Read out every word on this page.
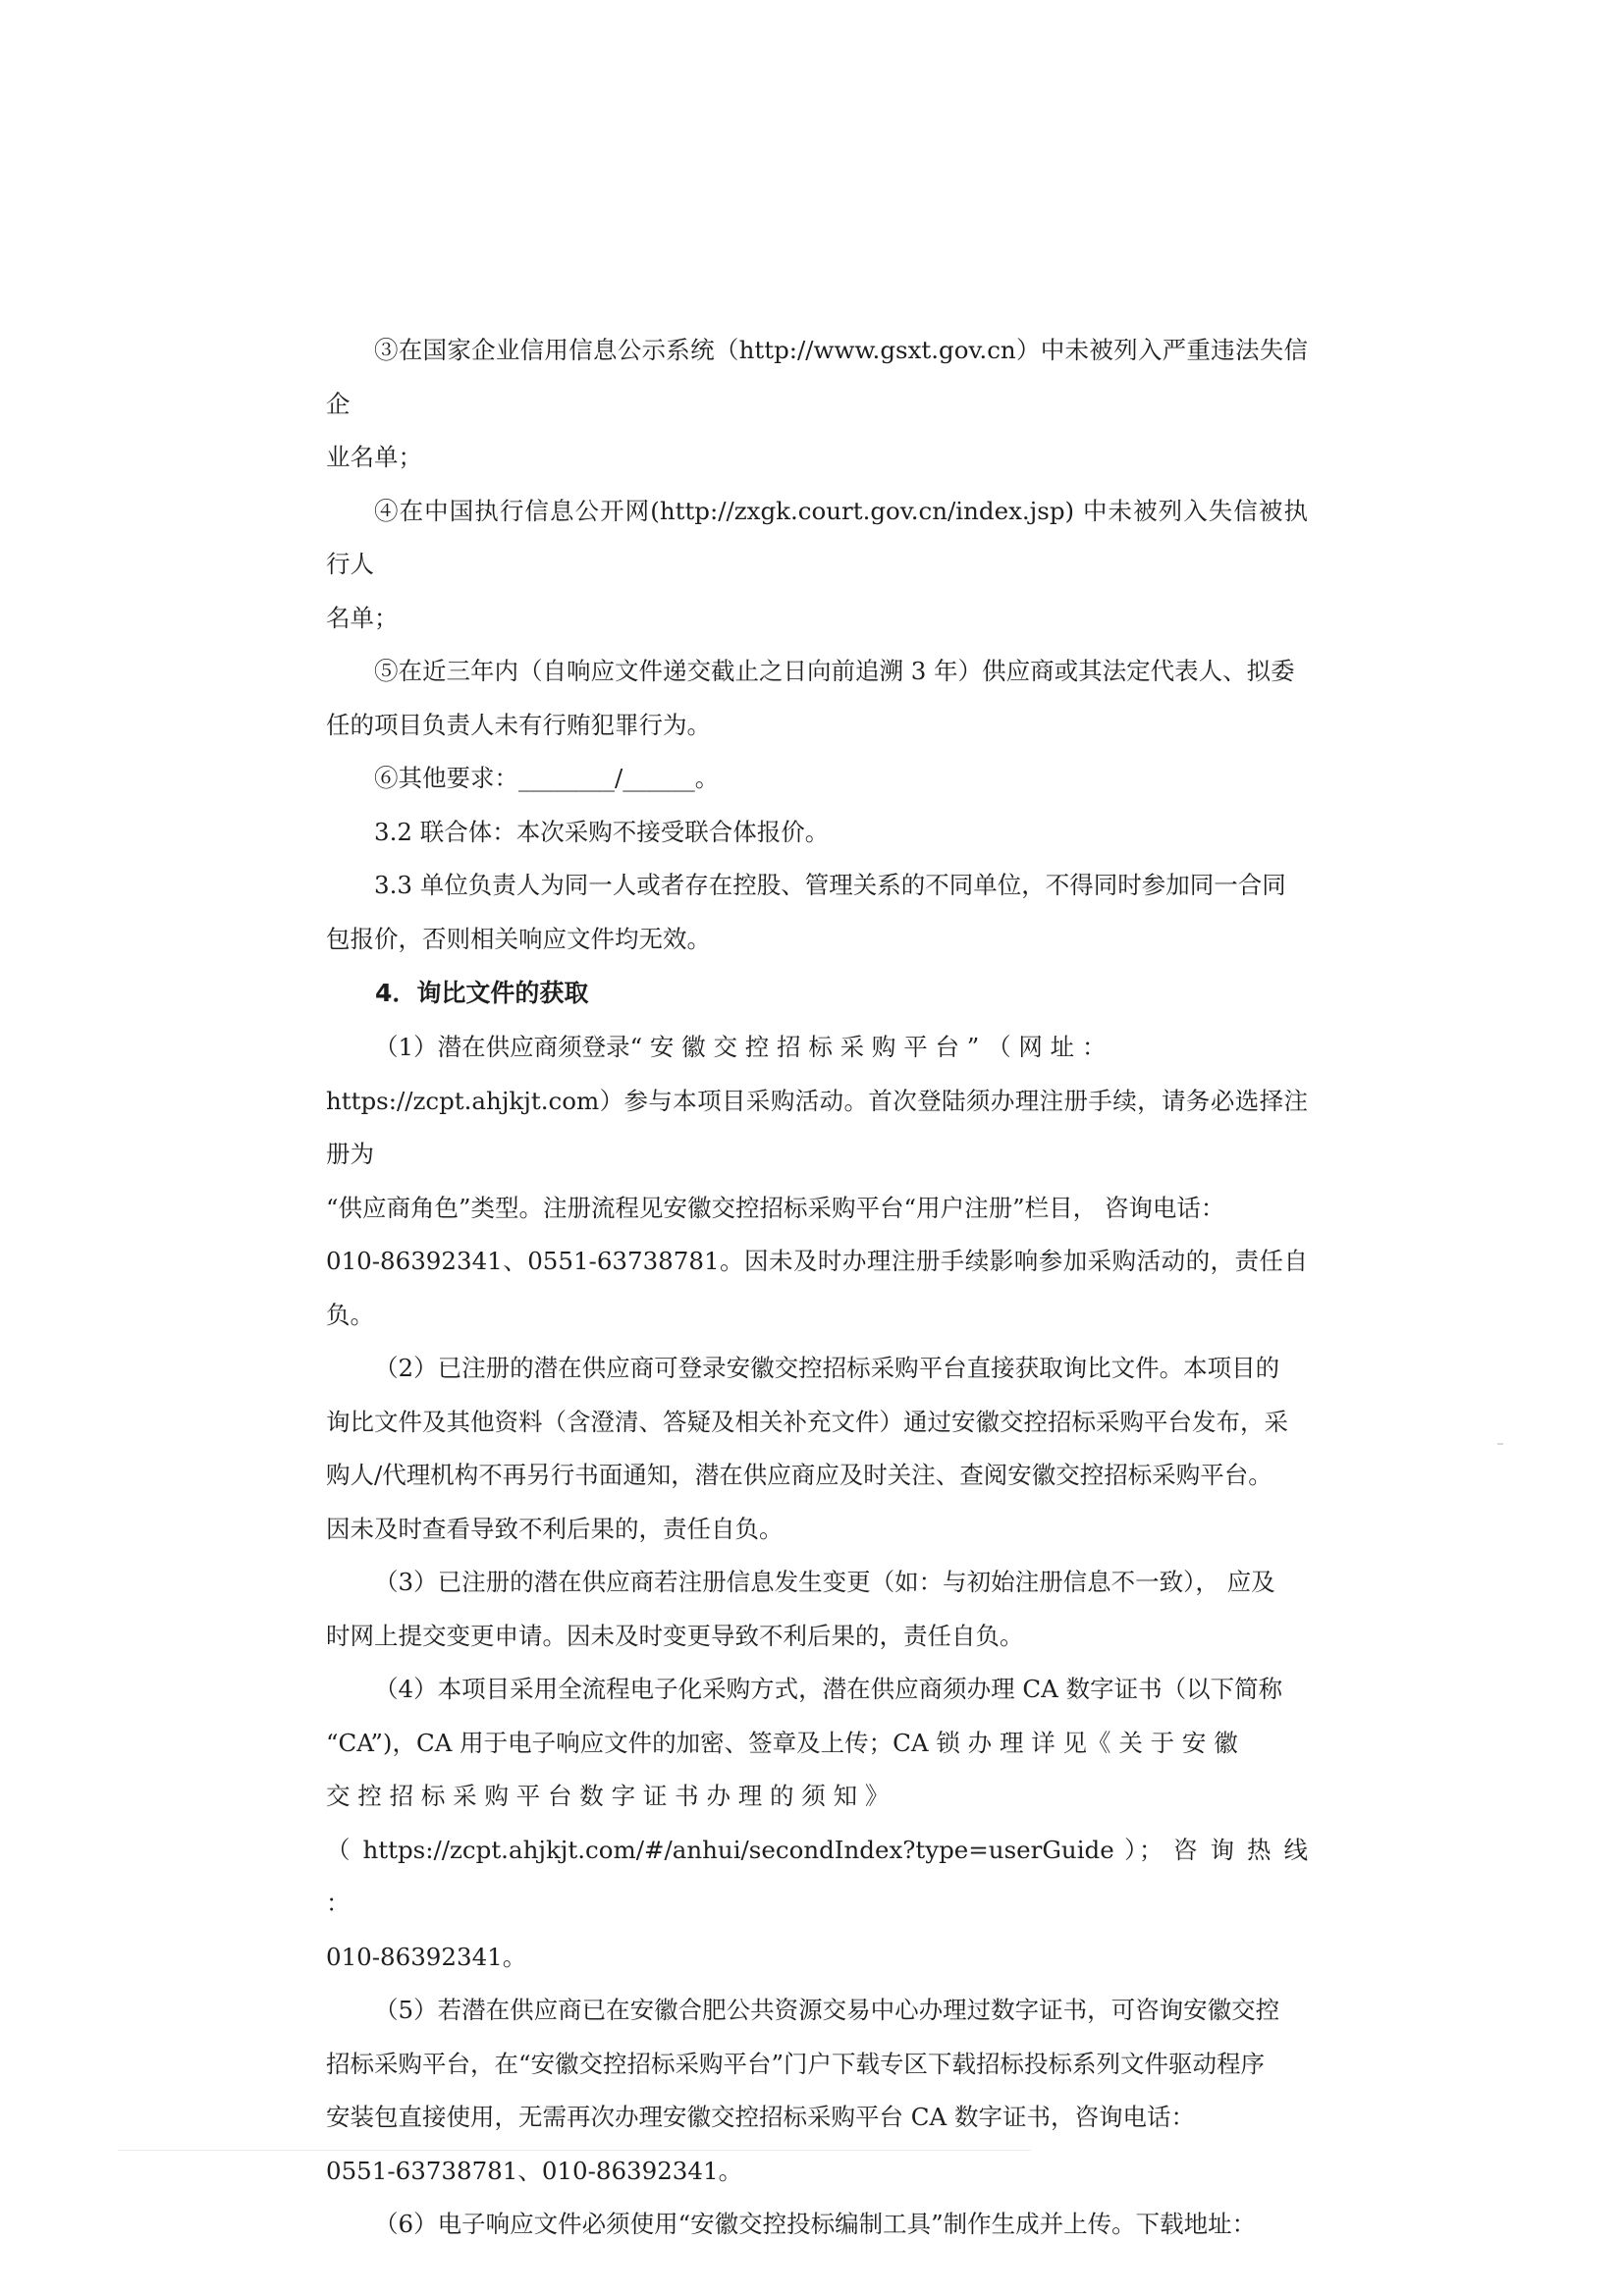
③在国家企业信用信息公示系统（http://www.gsxt.gov.cn）中未被列入严重违法失信企
业名单；

④在中国执行信息公开网(http://zxgk.court.gov.cn/index.jsp) 中未被列入失信被执行人
名单；

⑤在近三年内（自响应文件递交截止之日向前追溯 3 年）供应商或其法定代表人、拟委
任的项目负责人未有行贿犯罪行为。

⑥其他要求：________/______。

3.2 联合体：本次采购不接受联合体报价。

3.3 单位负责人为同一人或者存在控股、管理关系的不同单位，不得同时参加同一合同
包报价，否则相关响应文件均无效。

4．询比文件的获取

（1）潜在供应商须登录“ 安 徽 交 控 招 标 采 购 平 台 ” （ 网 址 ：
https://zcpt.ahjkjt.com）参与本项目采购活动。首次登陆须办理注册手续，请务必选择注册为
“供应商角色”类型。注册流程见安徽交控招标采购平台“用户注册”栏目， 咨询电话：
010-86392341、0551-63738781。因未及时办理注册手续影响参加采购活动的，责任自负。

（2）已注册的潜在供应商可登录安徽交控招标采购平台直接获取询比文件。本项目的
询比文件及其他资料（含澄清、答疑及相关补充文件）通过安徽交控招标采购平台发布，采
购人/代理机构不再另行书面通知，潜在供应商应及时关注、查阅安徽交控招标采购平台。
因未及时查看导致不利后果的，责任自负。

（3）已注册的潜在供应商若注册信息发生变更（如：与初始注册信息不一致）， 应及
时网上提交变更申请。因未及时变更导致不利后果的，责任自负。

（4）本项目采用全流程电子化采购方式，潜在供应商须办理 CA 数字证书（以下简称
“CA”)，CA 用于电子响应文件的加密、签章及上传；CA 锁 办 理 详 见《 关 于 安 徽
交 控 招 标 采 购 平 台 数 字 证 书 办 理 的 须 知 》
（ https://zcpt.ahjkjt.com/#/anhui/secondIndex?type=userGuide ）； 咨 询 热 线 ：
010-86392341。

（5）若潜在供应商已在安徽合肥公共资源交易中心办理过数字证书，可咨询安徽交控
招标采购平台，在“安徽交控招标采购平台”门户下载专区下载招标投标系列文件驱动程序
安装包直接使用，无需再次办理安徽交控招标采购平台 CA 数字证书，咨询电话：
0551-63738781、010-86392341。

（6）电子响应文件必须使用“安徽交控投标编制工具”制作生成并上传。下载地址：
